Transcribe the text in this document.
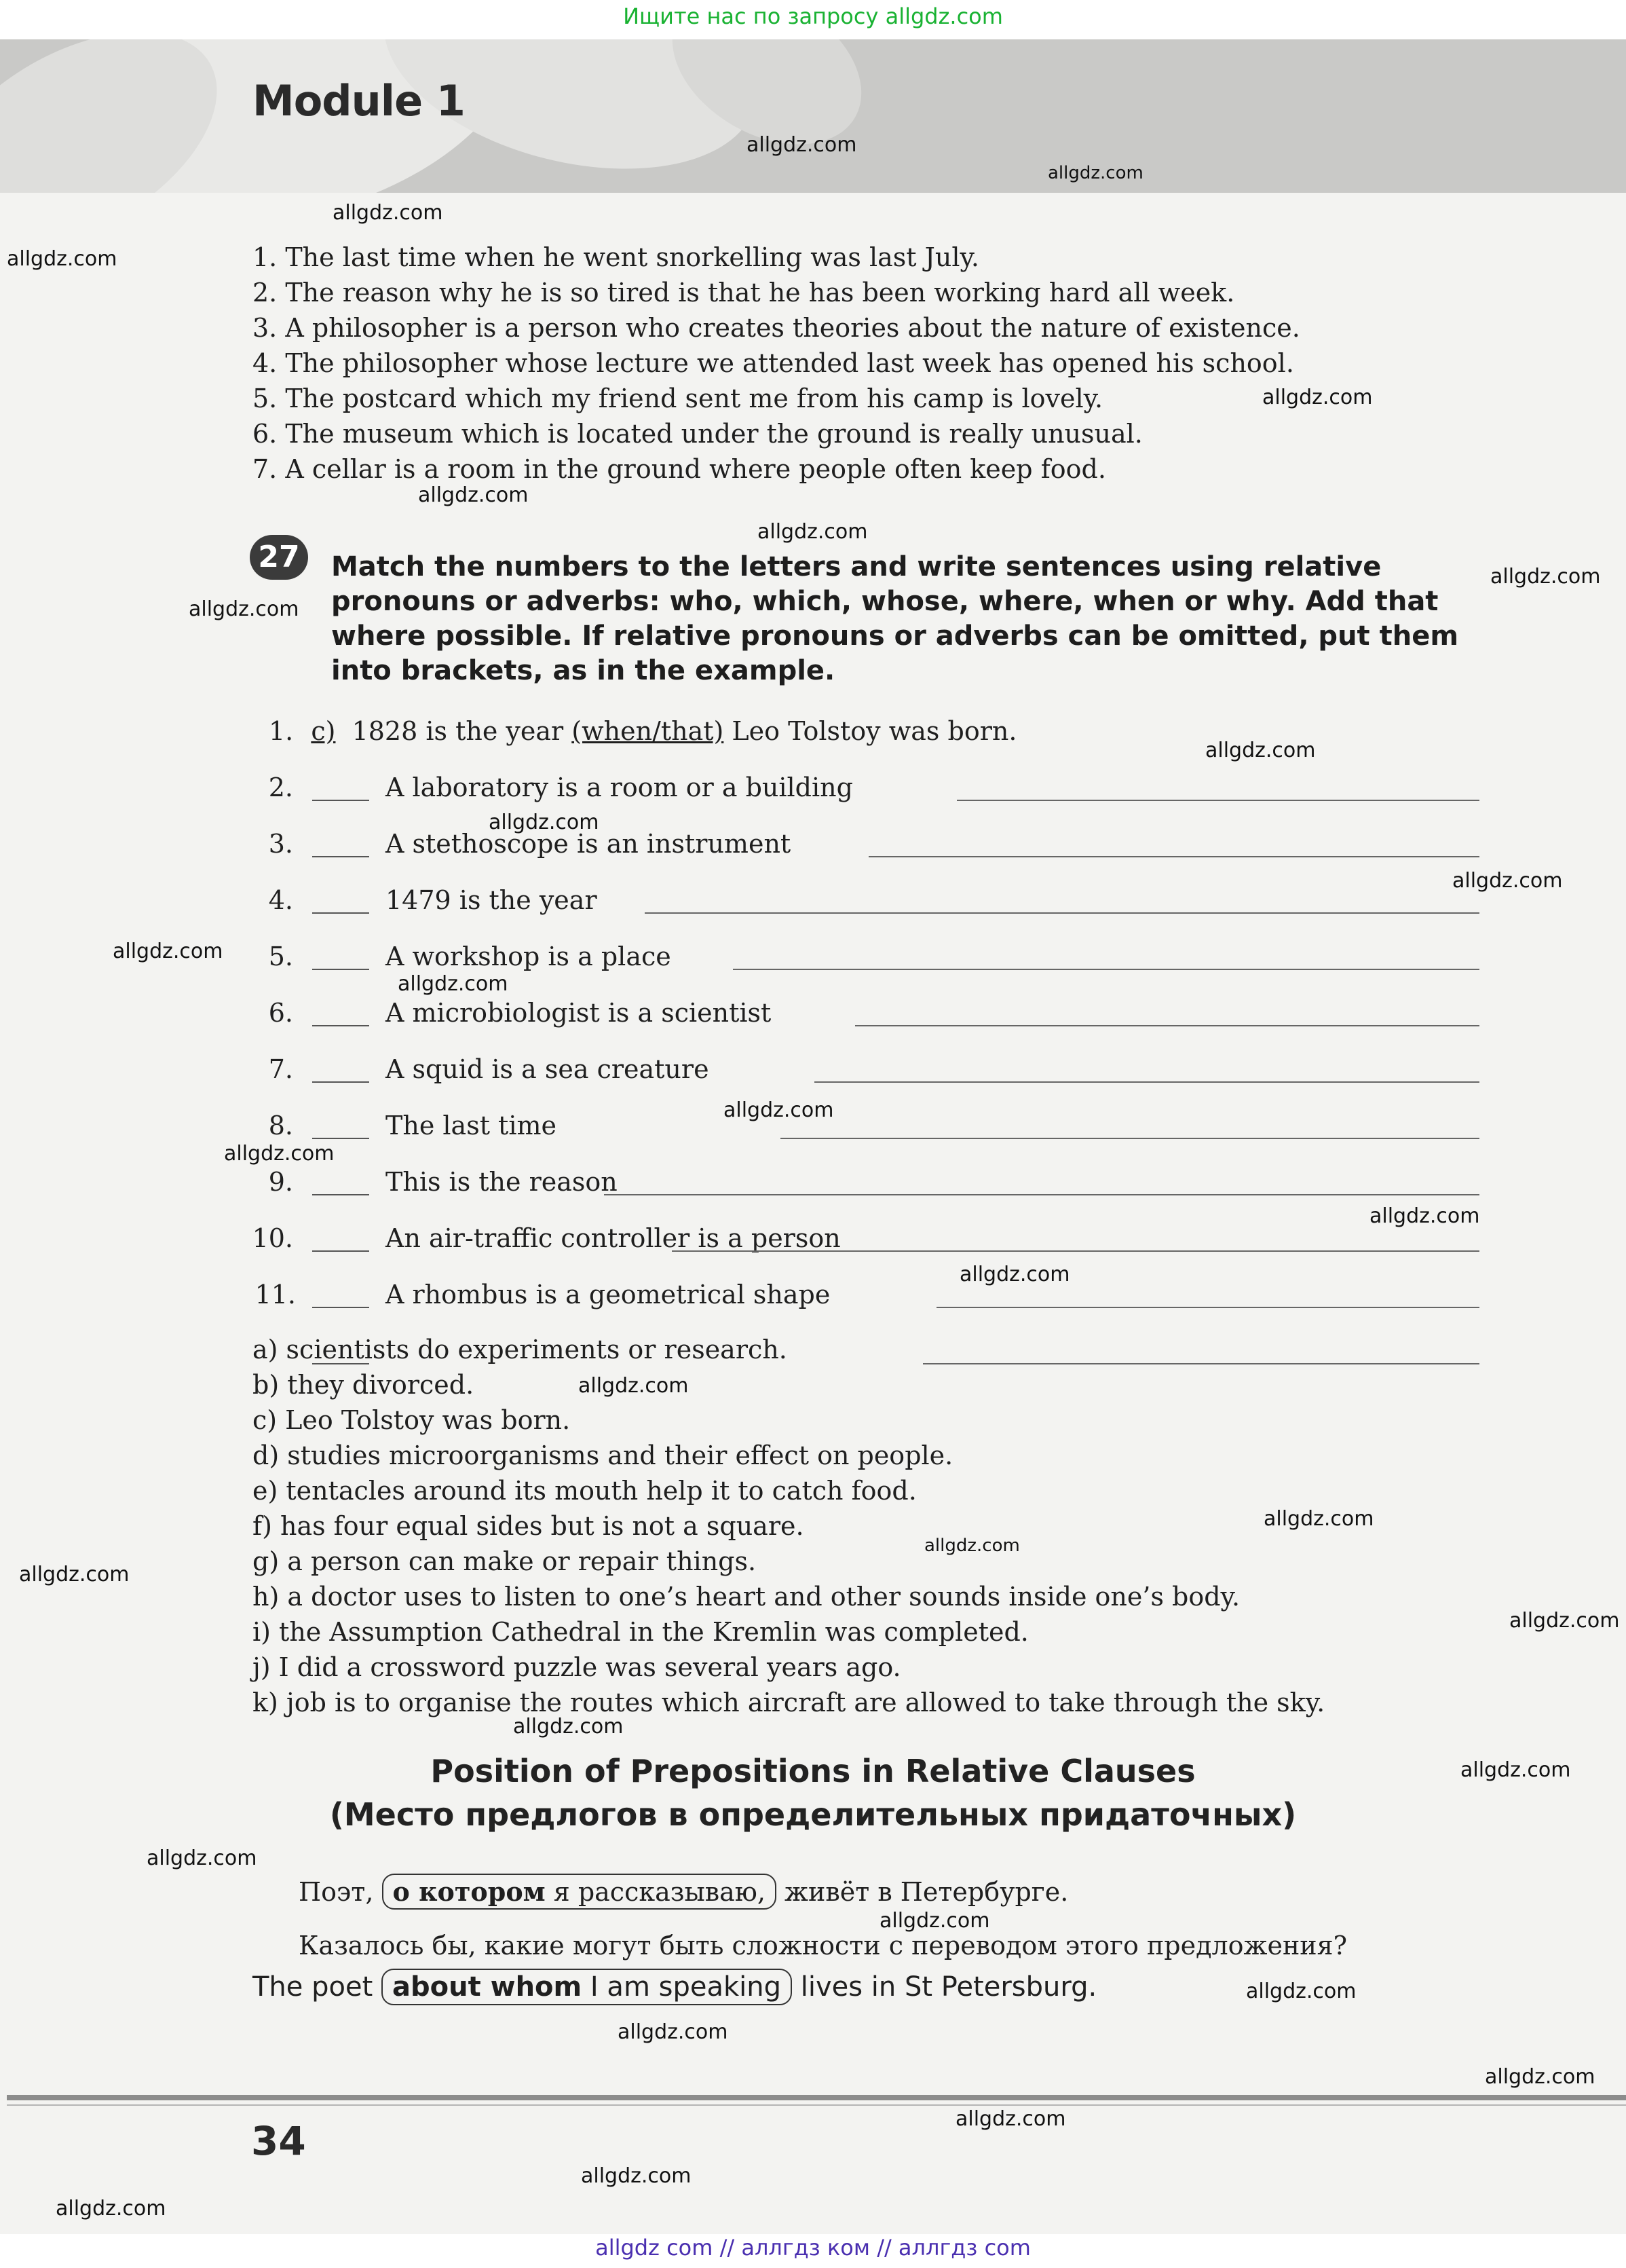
Ищите нас по запросу allgdz.com
Module 1
1. The last time when he went snorkelling was last July.
2. The reason why he is so tired is that he has been working hard all week.
3. A philosopher is a person who creates theories about the nature of existence.
4. The philosopher whose lecture we attended last week has opened his school.
5. The postcard which my friend sent me from his camp is lovely.
6. The museum which is located under the ground is really unusual.
7. A cellar is a room in the ground where people often keep food.
27	Match the numbers to the letters and write sentences using relative
pronouns or adverbs: who, which, whose, where, when or why. Add that
where possible. If relative pronouns or adverbs can be omitted, put them
into brackets, as in the example.
1. c) 1828 is the year (when/that) Leo Tolstoy was born.
2.	A laboratory is a room or a building
3.	A stethoscope is an instrument
4.	1479 is the year
5.	A workshop is a place
6.	A microbiologist is a scientist
7.	A squid is a sea creature
8.	The last time
9.	This is the reason
10.	An air-traffic controller is a person
11.	A rhombus is a geometrical shape
a) scientists do experiments or research.
b) they divorced.
c) Leo Tolstoy was born.
d) studies microorganisms and their effect on people.
e) tentacles around its mouth help it to catch food.
f) has four equal sides but is not a square.
g) a person can make or repair things.
h) a doctor uses to listen to one’s heart and other sounds inside one’s body.
i) the Assumption Cathedral in the Kremlin was completed.
j) I did a crossword puzzle was several years ago.
k) job is to organise the routes which aircraft are allowed to take through the sky.
Position of Prepositions in Relative Clauses
(Место предлогов в определительных придаточных)
Поэт, о котором я рассказываю, живёт в Петербурге.
Казалось бы, какие могут быть сложности с переводом этого предложения?
The poet about whom I am speaking lives in St Petersburg.
34
allgdz.com
allgdz.com
allgdz.com
allgdz.com
allgdz.com
allgdz.com
allgdz.com
allgdz.com
allgdz.com
allgdz.com
allgdz.com
allgdz.com
allgdz.com
allgdz.com
allgdz.com
allgdz.com
allgdz.com
allgdz.com
allgdz.com
allgdz.com
allgdz.com
allgdz.com
allgdz.com
allgdz.com
allgdz.com
allgdz.com
allgdz.com
allgdz.com
allgdz.com
allgdz.com
allgdz.com
allgdz.com
allgdz.com
allgdz com // аллгдз ком // аллгдз com
